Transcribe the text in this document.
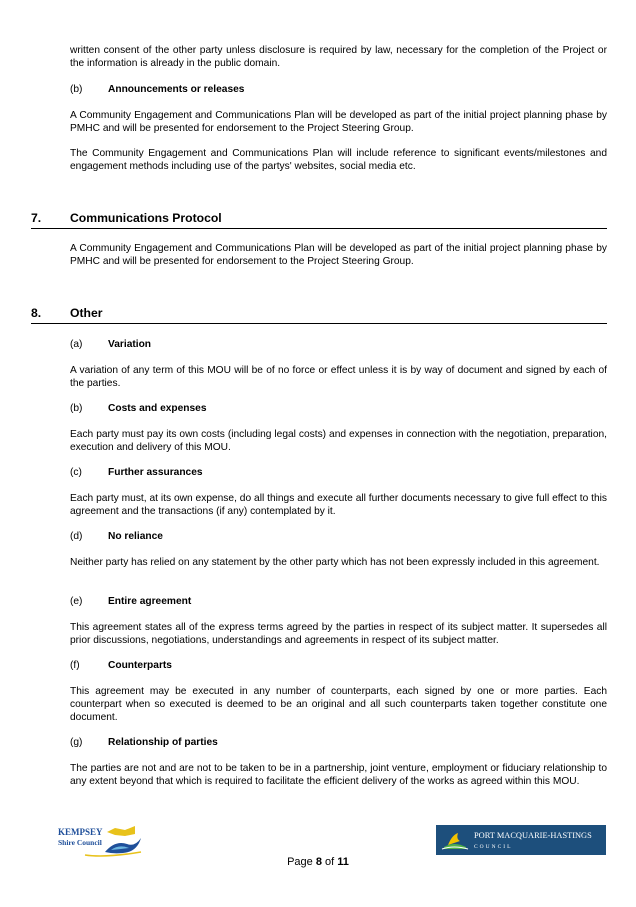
written consent of the other party unless disclosure is required by law, necessary for the completion of the Project or the information is already in the public domain.

(b)	Announcements or releases

A Community Engagement and Communications Plan will be developed as part of the initial project planning phase by PMHC and will be presented for endorsement to the Project Steering Group.

The Community Engagement and Communications Plan will include reference to significant events/milestones and engagement methods including use of the partys' websites, social media etc.

7. Communications Protocol

A Community Engagement and Communications Plan will be developed as part of the initial project planning phase by PMHC and will be presented for endorsement to the Project Steering Group.

8. Other
(a)	Variation

A variation of any term of this MOU will be of no force or effect unless it is by way of document and signed by each of the parties.

(b)	Costs and expenses

Each party must pay its own costs (including legal costs) and expenses in connection with the negotiation, preparation, execution and delivery of this MOU.

(c)	Further assurances

Each party must, at its own expense, do all things and execute all further documents necessary to give full effect to this agreement and the transactions (if any) contemplated by it.

(d)	No reliance

Neither party has relied on any statement by the other party which has not been expressly included in this agreement.

(e)	Entire agreement

This agreement states all of the express terms agreed by the parties in respect of its subject matter. It supersedes all prior discussions, negotiations, understandings and agreements in respect of its subject matter.

(f)	Counterparts

This agreement may be executed in any number of counterparts, each signed by one or more parties. Each counterpart when so executed is deemed to be an original and all such counterparts taken together constitute one document.

(g)	Relationship of parties

The parties are not and are not to be taken to be in a partnership, joint venture, employment or fiduciary relationship to any extent beyond that which is required to facilitate the efficient delivery of the works as agreed within this MOU.

KEMPSEY
Shire Council
PORT MACQUARIE-HASTINGS
COUNCIL
Page 8 of 11
